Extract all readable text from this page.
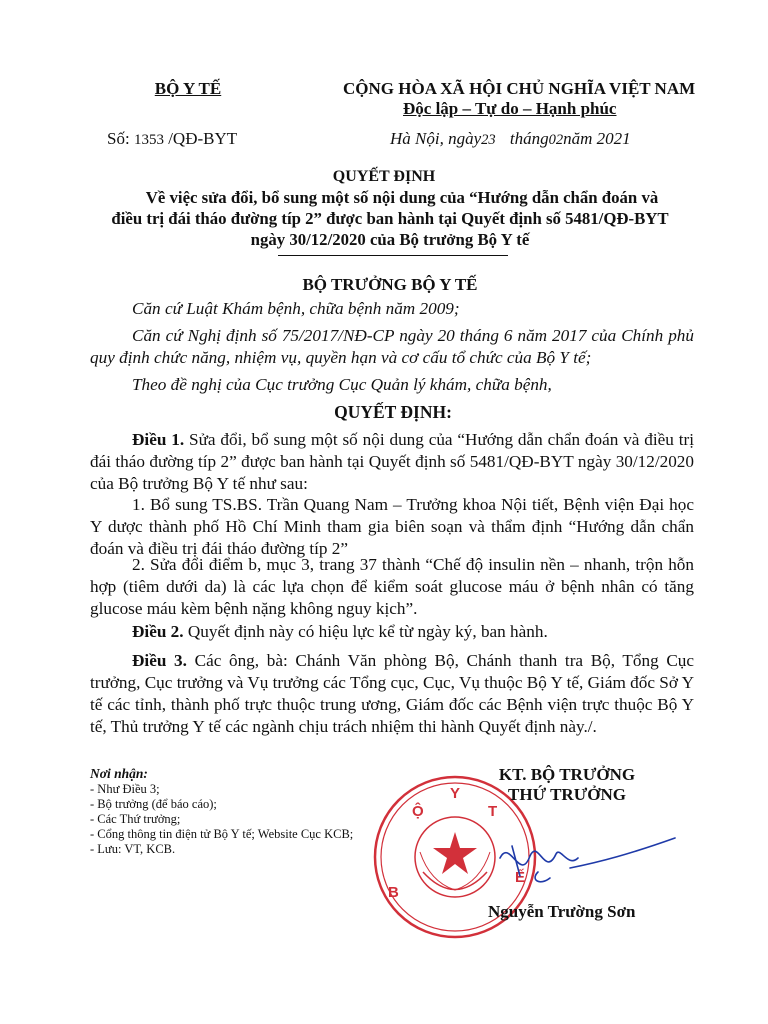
BỘ Y TẾ	CỘNG HÒA XÃ HỘI CHỦ NGHĨA VIỆT NAM
Độc lập – Tự do – Hạnh phúc
Số: 1353 /QĐ-BYT	Hà Nội, ngày23 tháng02năm 2021
QUYẾT ĐỊNH
Về việc sửa đổi, bổ sung một số nội dung của “Hướng dẫn chẩn đoán và
điều trị đái tháo đường típ 2” được ban hành tại Quyết định số 5481/QĐ-BYT
ngày 30/12/2020 của Bộ trưởng Bộ Y tế
BỘ TRƯỞNG BỘ Y TẾ
Căn cứ Luật Khám bệnh, chữa bệnh năm 2009;
Căn cứ Nghị định số 75/2017/NĐ-CP ngày 20 tháng 6 năm 2017 của Chính phủ quy định chức năng, nhiệm vụ, quyền hạn và cơ cấu tổ chức của Bộ Y tế;
Theo đề nghị của Cục trưởng Cục Quản lý khám, chữa bệnh,
QUYẾT ĐỊNH:
Điều 1. Sửa đổi, bổ sung một số nội dung của “Hướng dẫn chẩn đoán và điều trị đái tháo đường típ 2” được ban hành tại Quyết định số 5481/QĐ-BYT ngày 30/12/2020 của Bộ trưởng Bộ Y tế như sau:
1. Bổ sung TS.BS. Trần Quang Nam – Trưởng khoa Nội tiết, Bệnh viện Đại học Y dược thành phố Hồ Chí Minh tham gia biên soạn và thẩm định “Hướng dẫn chẩn đoán và điều trị đái tháo đường típ 2”
2. Sửa đổi điểm b, mục 3, trang 37 thành “Chế độ insulin nền – nhanh, trộn hỗn hợp (tiêm dưới da) là các lựa chọn để kiểm soát glucose máu ở bệnh nhân có tăng glucose máu kèm bệnh nặng không nguy kịch”.
Điều 2. Quyết định này có hiệu lực kể từ ngày ký, ban hành.
Điều 3. Các ông, bà: Chánh Văn phòng Bộ, Chánh thanh tra Bộ, Tổng Cục trưởng, Cục trưởng và Vụ trưởng các Tổng cục, Cục, Vụ thuộc Bộ Y tế, Giám đốc Sở Y tế các tỉnh, thành phố trực thuộc trung ương, Giám đốc các Bệnh viện trực thuộc Bộ Y tế, Thủ trưởng Y tế các ngành chịu trách nhiệm thi hành Quyết định này./.
Nơi nhận:
- Như Điều 3;
- Bộ trưởng (để báo cáo);
- Các Thứ trưởng;
- Cổng thông tin điện tử Bộ Y tế; Website Cục KCB;
- Lưu: VT, KCB.
Y
Ộ	T
B
Ế
KT. BỘ TRƯỞNG
THỨ TRƯỞNG
Nguyễn Trường Sơn
